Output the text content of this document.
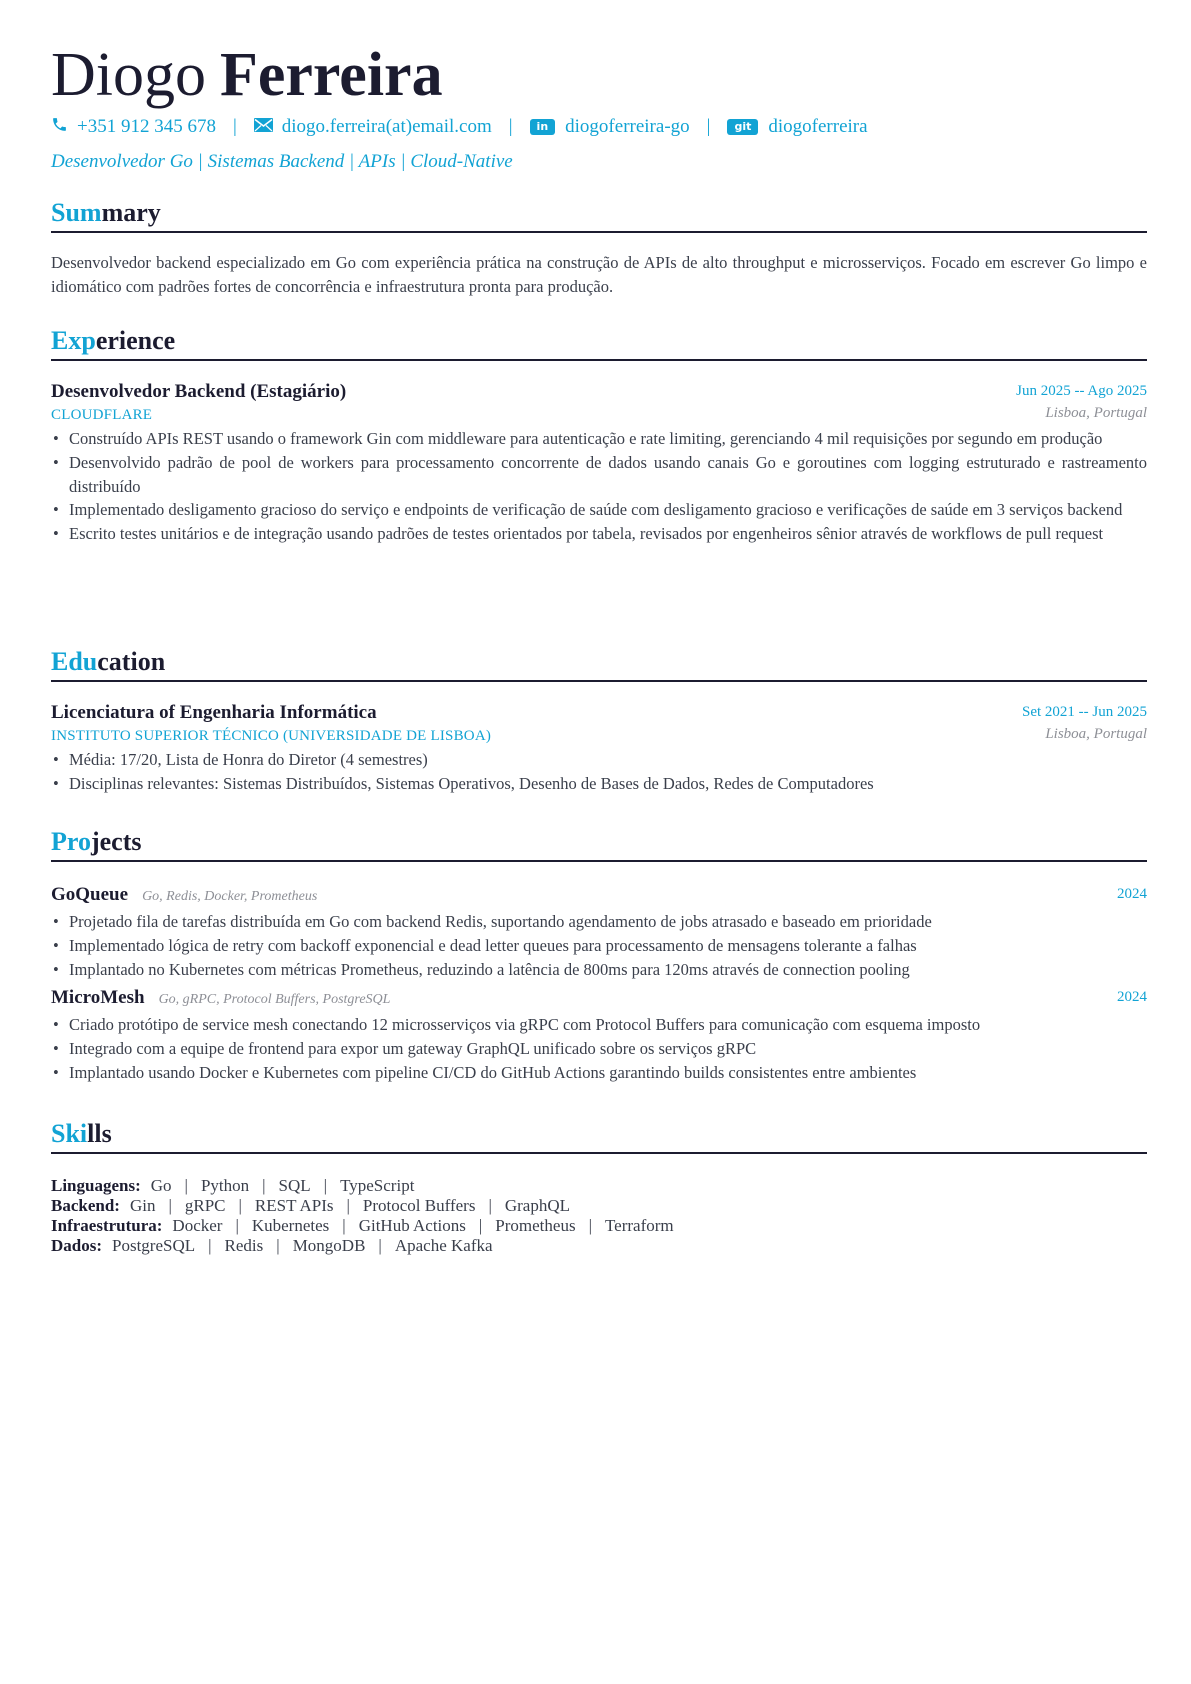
Diogo Ferreira
+351 912 345 678 | diogo.ferreira(at)email.com |	in diogoferreira-go |	git diogoferreira
Desenvolvedor Go | Sistemas Backend | APIs | Cloud-Native
Summary
Desenvolvedor backend especializado em Go com experiência prática na construção de APIs de alto throughput e microsserviços. Focado em escrever Go limpo e idiomático com padrões fortes de concorrência e infraestrutura pronta para produção.
Experience
Desenvolvedor Backend (Estagiário)	Jun 2025 -- Ago 2025
CLOUDFLARE	Lisboa, Portugal
• Construído APIs REST usando o framework Gin com middleware para autenticação e rate limiting, gerenciando 4 mil requisições por segundo em produção
• Desenvolvido padrão de pool de workers para processamento concorrente de dados usando canais Go e goroutines com logging estruturado e rastreamento distribuído
• Implementado desligamento gracioso do serviço e endpoints de verificação de saúde com desligamento gracioso e verificações de saúde em 3 serviços backend
• Escrito testes unitários e de integração usando padrões de testes orientados por tabela, revisados por engenheiros sênior através de workflows de pull request
Education
Licenciatura of Engenharia Informática	Set 2021 -- Jun 2025
INSTITUTO SUPERIOR TÉCNICO (UNIVERSIDADE DE LISBOA)	Lisboa, Portugal
• Média: 17/20, Lista de Honra do Diretor (4 semestres)
• Disciplinas relevantes: Sistemas Distribuídos, Sistemas Operativos, Desenho de Bases de Dados, Redes de Computadores
Projects
GoQueue Go, Redis, Docker, Prometheus	2024
• Projetado fila de tarefas distribuída em Go com backend Redis, suportando agendamento de jobs atrasado e baseado em prioridade
• Implementado lógica de retry com backoff exponencial e dead letter queues para processamento de mensagens tolerante a falhas
• Implantado no Kubernetes com métricas Prometheus, reduzindo a latência de 800ms para 120ms através de connection pooling
MicroMesh Go, gRPC, Protocol Buffers, PostgreSQL	2024
• Criado protótipo de service mesh conectando 12 microsserviços via gRPC com Protocol Buffers para comunicação com esquema imposto
• Integrado com a equipe de frontend para expor um gateway GraphQL unificado sobre os serviços gRPC
• Implantado usando Docker e Kubernetes com pipeline CI/CD do GitHub Actions garantindo builds consistentes entre ambientes
Skills
Linguagens: Go | Python | SQL | TypeScript
Backend: Gin | gRPC | REST APIs | Protocol Buffers | GraphQL
Infraestrutura: Docker | Kubernetes | GitHub Actions | Prometheus | Terraform
Dados: PostgreSQL | Redis | MongoDB | Apache Kafka
